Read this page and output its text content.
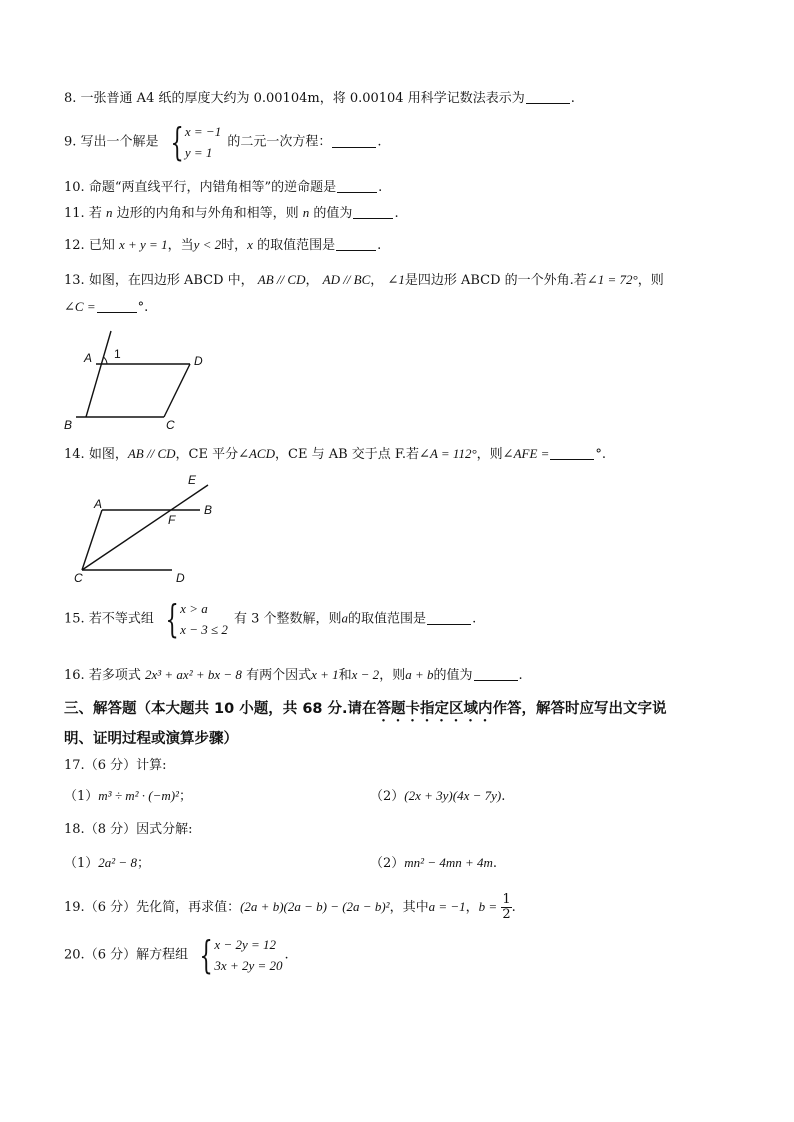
8. 一张普通 A4 纸的厚度大约为 0.00104m，将 0.00104 用科学记数法表示为	.
9. 写出一个解是 { x = −1
y = 1
的二元一次方程：	.
10. 命题“两直线平行，内错角相等”的逆命题是	.
11. 若 n 边形的内角和与外角和相等，则 n 的值为	.
12. 已知 x + y = 1，当y < 2时，x 的取值范围是	.
13. 如图，在四边形 ABCD 中， AB // CD， AD // BC， ∠1是四边形 ABCD 的一个外角.若∠1 = 72°，则
∠C =	°.
A 1	D
B	C
14. 如图，AB // CD，CE 平分∠ACD，CE 与 AB 交于点 F.若∠A = 112°，则∠AFE =	°.
A	B
C	D
E
F
15. 若不等式组 { x > a
x − 3 ≤ 2
有 3 个整数解，则a的取值范围是	.
16. 若多项式 2x³ + ax² + bx − 8 有两个因式x + 1和x − 2，则a + b的值为	.
三、解答题（本大题共 10 小题，共 68 分.请在答题卡指定区域内作答，解答时应写出文字说
明、证明过程或演算步骤）
17.（6 分）计算:
（1）m³ ÷ m² · (−m)²；	（2）(2x + 3y)(4x − 7y).
18.（8 分）因式分解:
（1）2a² − 8；	（2）mn² − 4mn + 4m.
19.（6 分）先化简，再求值：(2a + b)(2a − b) − (2a − b)²，其中a = −1，$b = \frac{1}{2}$ .
20.（6 分）解方程组 { x − 2y = 12
3x + 2y = 20
.
